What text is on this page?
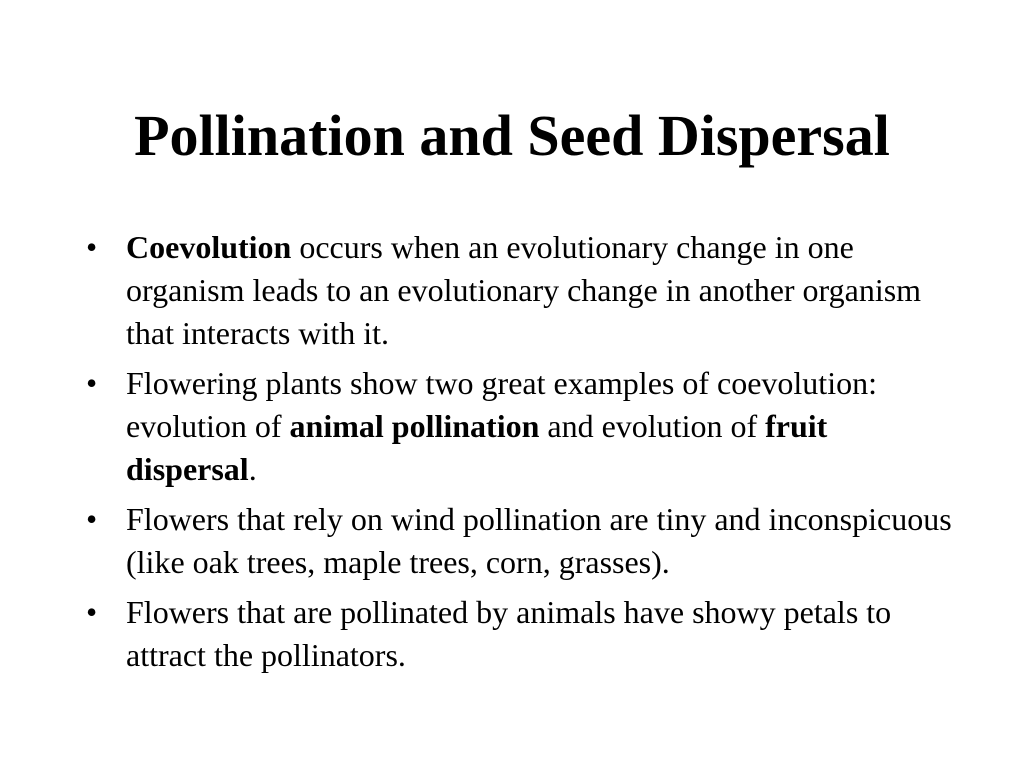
Pollination and Seed Dispersal
• Coevolution occurs when an evolutionary change in one organism leads to an evolutionary change in another organism that interacts with it.
• Flowering plants show two great examples of coevolution: evolution of animal pollination and evolution of fruit dispersal.
• Flowers that rely on wind pollination are tiny and inconspicuous (like oak trees, maple trees, corn, grasses).
• Flowers that are pollinated by animals have showy petals to attract the pollinators.
